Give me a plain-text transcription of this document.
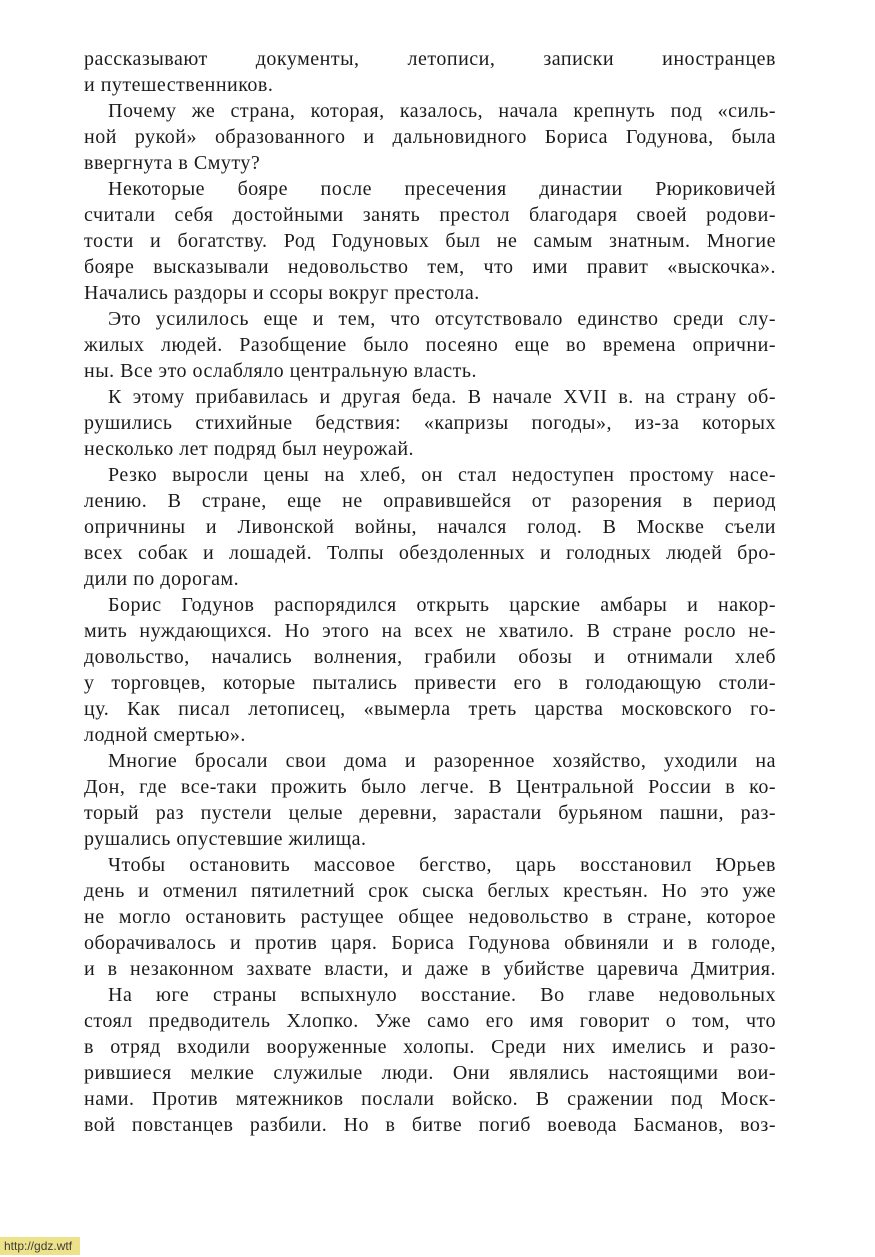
рассказывают документы, летописи, записки иностранцев
и путешественников.
Почему же страна, которая, казалось, начала крепнуть под «силь-
ной рукой» образованного и дальновидного Бориса Годунова, была
ввергнута в Смуту?
Некоторые бояре после пресечения династии Рюриковичей
считали себя достойными занять престол благодаря своей родови-
тости и богатству. Род Годуновых был не самым знатным. Многие
бояре высказывали недовольство тем, что ими правит «выскочка».
Начались раздоры и ссоры вокруг престола.
Это усилилось еще и тем, что отсутствовало единство среди слу-
жилых людей. Разобщение было посеяно еще во времена опрични-
ны. Все это ослабляло центральную власть.
К этому прибавилась и другая беда. В начале XVII в. на страну об-
рушились стихийные бедствия: «капризы погоды», из-за которых
несколько лет подряд был неурожай.
Резко выросли цены на хлеб, он стал недоступен простому насе-
лению. В стране, еще не оправившейся от разорения в период
опричнины и Ливонской войны, начался голод. В Москве съели
всех собак и лошадей. Толпы обездоленных и голодных людей бро-
дили по дорогам.
Борис Годунов распорядился открыть царские амбары и накор-
мить нуждающихся. Но этого на всех не хватило. В стране росло не-
довольство, начались волнения, грабили обозы и отнимали хлеб
у торговцев, которые пытались привести его в голодающую столи-
цу. Как писал летописец, «вымерла треть царства московского го-
лодной смертью».
Многие бросали свои дома и разоренное хозяйство, уходили на
Дон, где все-таки прожить было легче. В Центральной России в ко-
торый раз пустели целые деревни, зарастали бурьяном пашни, раз-
рушались опустевшие жилища.
Чтобы остановить массовое бегство, царь восстановил Юрьев
день и отменил пятилетний срок сыска беглых крестьян. Но это уже
не могло остановить растущее общее недовольство в стране, которое
оборачивалось и против царя. Бориса Годунова обвиняли и в голоде,
и в незаконном захвате власти, и даже в убийстве царевича Дмитрия.
На юге страны вспыхнуло восстание. Во главе недовольных
стоял предводитель Хлопко. Уже само его имя говорит о том, что
в отряд входили вооруженные холопы. Среди них имелись и разо-
рившиеся мелкие служилые люди. Они являлись настоящими вои-
нами. Против мятежников послали войско. В сражении под Моск-
вой повстанцев разбили. Но в битве погиб воевода Басманов, воз-
http://gdz.wtf
